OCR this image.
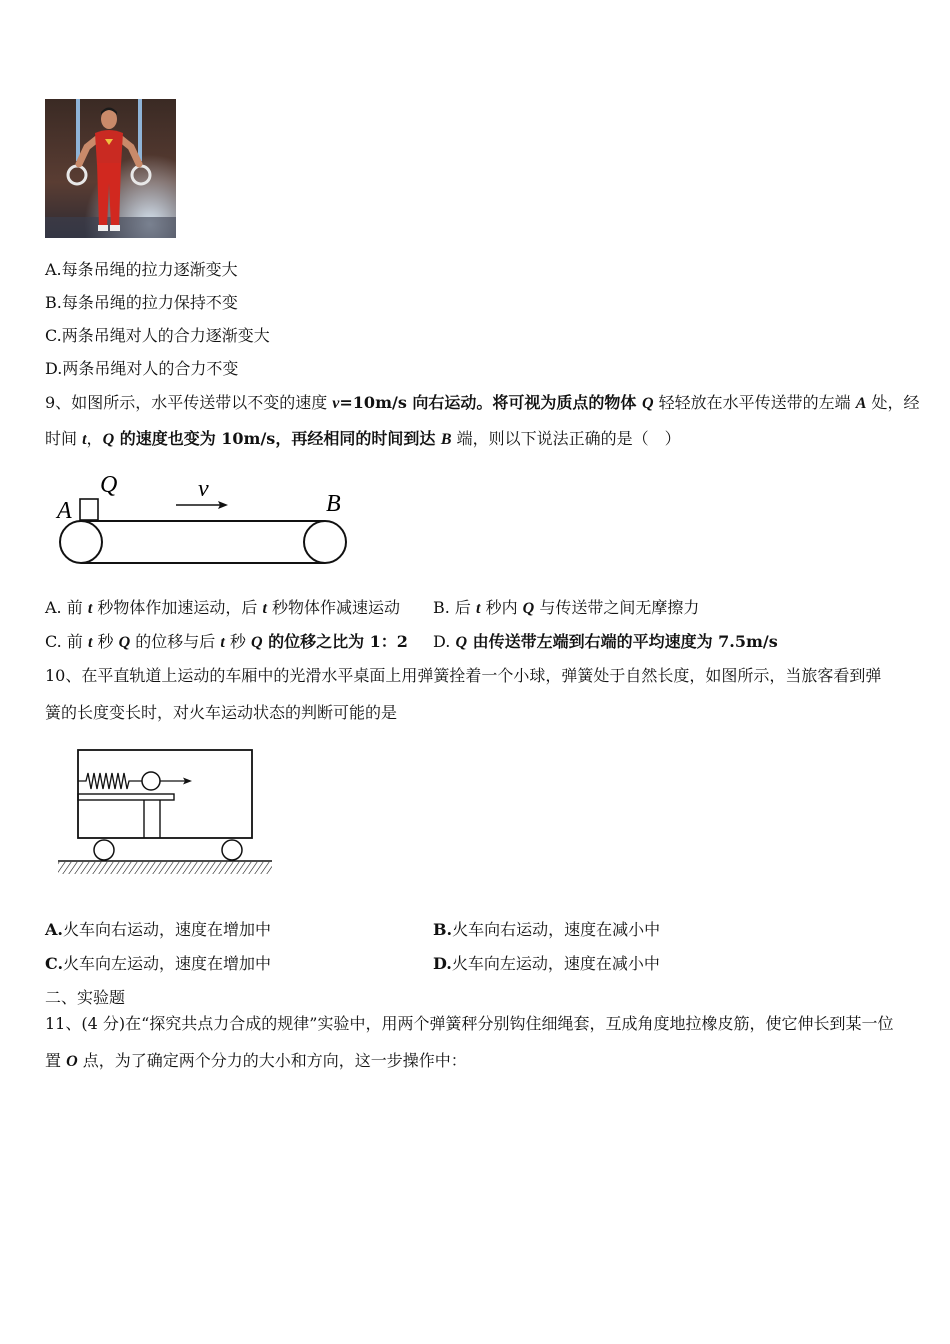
A.每条吊绳的拉力逐渐变大
B.每条吊绳的拉力保持不变
C.两条吊绳对人的合力逐渐变大
D.两条吊绳对人的合力不变
9、如图所示，水平传送带以不变的速度 v=10m/s 向右运动。将可视为质点的物体 Q 轻轻放在水平传送带的左端 A 处，经
时间 t，Q 的速度也变为 10m/s，再经相同的时间到达 B 端，则以下说法正确的是（　）
A
Q	v
B
A. 前 t 秒物体作加速运动，后 t 秒物体作减速运动 B. 后 t 秒内 Q 与传送带之间无摩擦力
C. 前 t 秒 Q 的位移与后 t 秒 Q 的位移之比为 1：2 D. Q 由传送带左端到右端的平均速度为 7.5m/s
10、在平直轨道上运动的车厢中的光滑水平桌面上用弹簧拴着一个小球，弹簧处于自然长度，如图所示，当旅客看到弹
簧的长度变长时，对火车运动状态的判断可能的是
A.火车向右运动，速度在增加中	B.火车向右运动，速度在减小中
C.火车向左运动，速度在增加中	D.火车向左运动，速度在减小中
二、实验题
11、(4 分)在“探究共点力合成的规律”实验中，用两个弹簧秤分别钩住细绳套，互成角度地拉橡皮筋，使它伸长到某一位
置 O 点，为了确定两个分力的大小和方向，这一步操作中：
